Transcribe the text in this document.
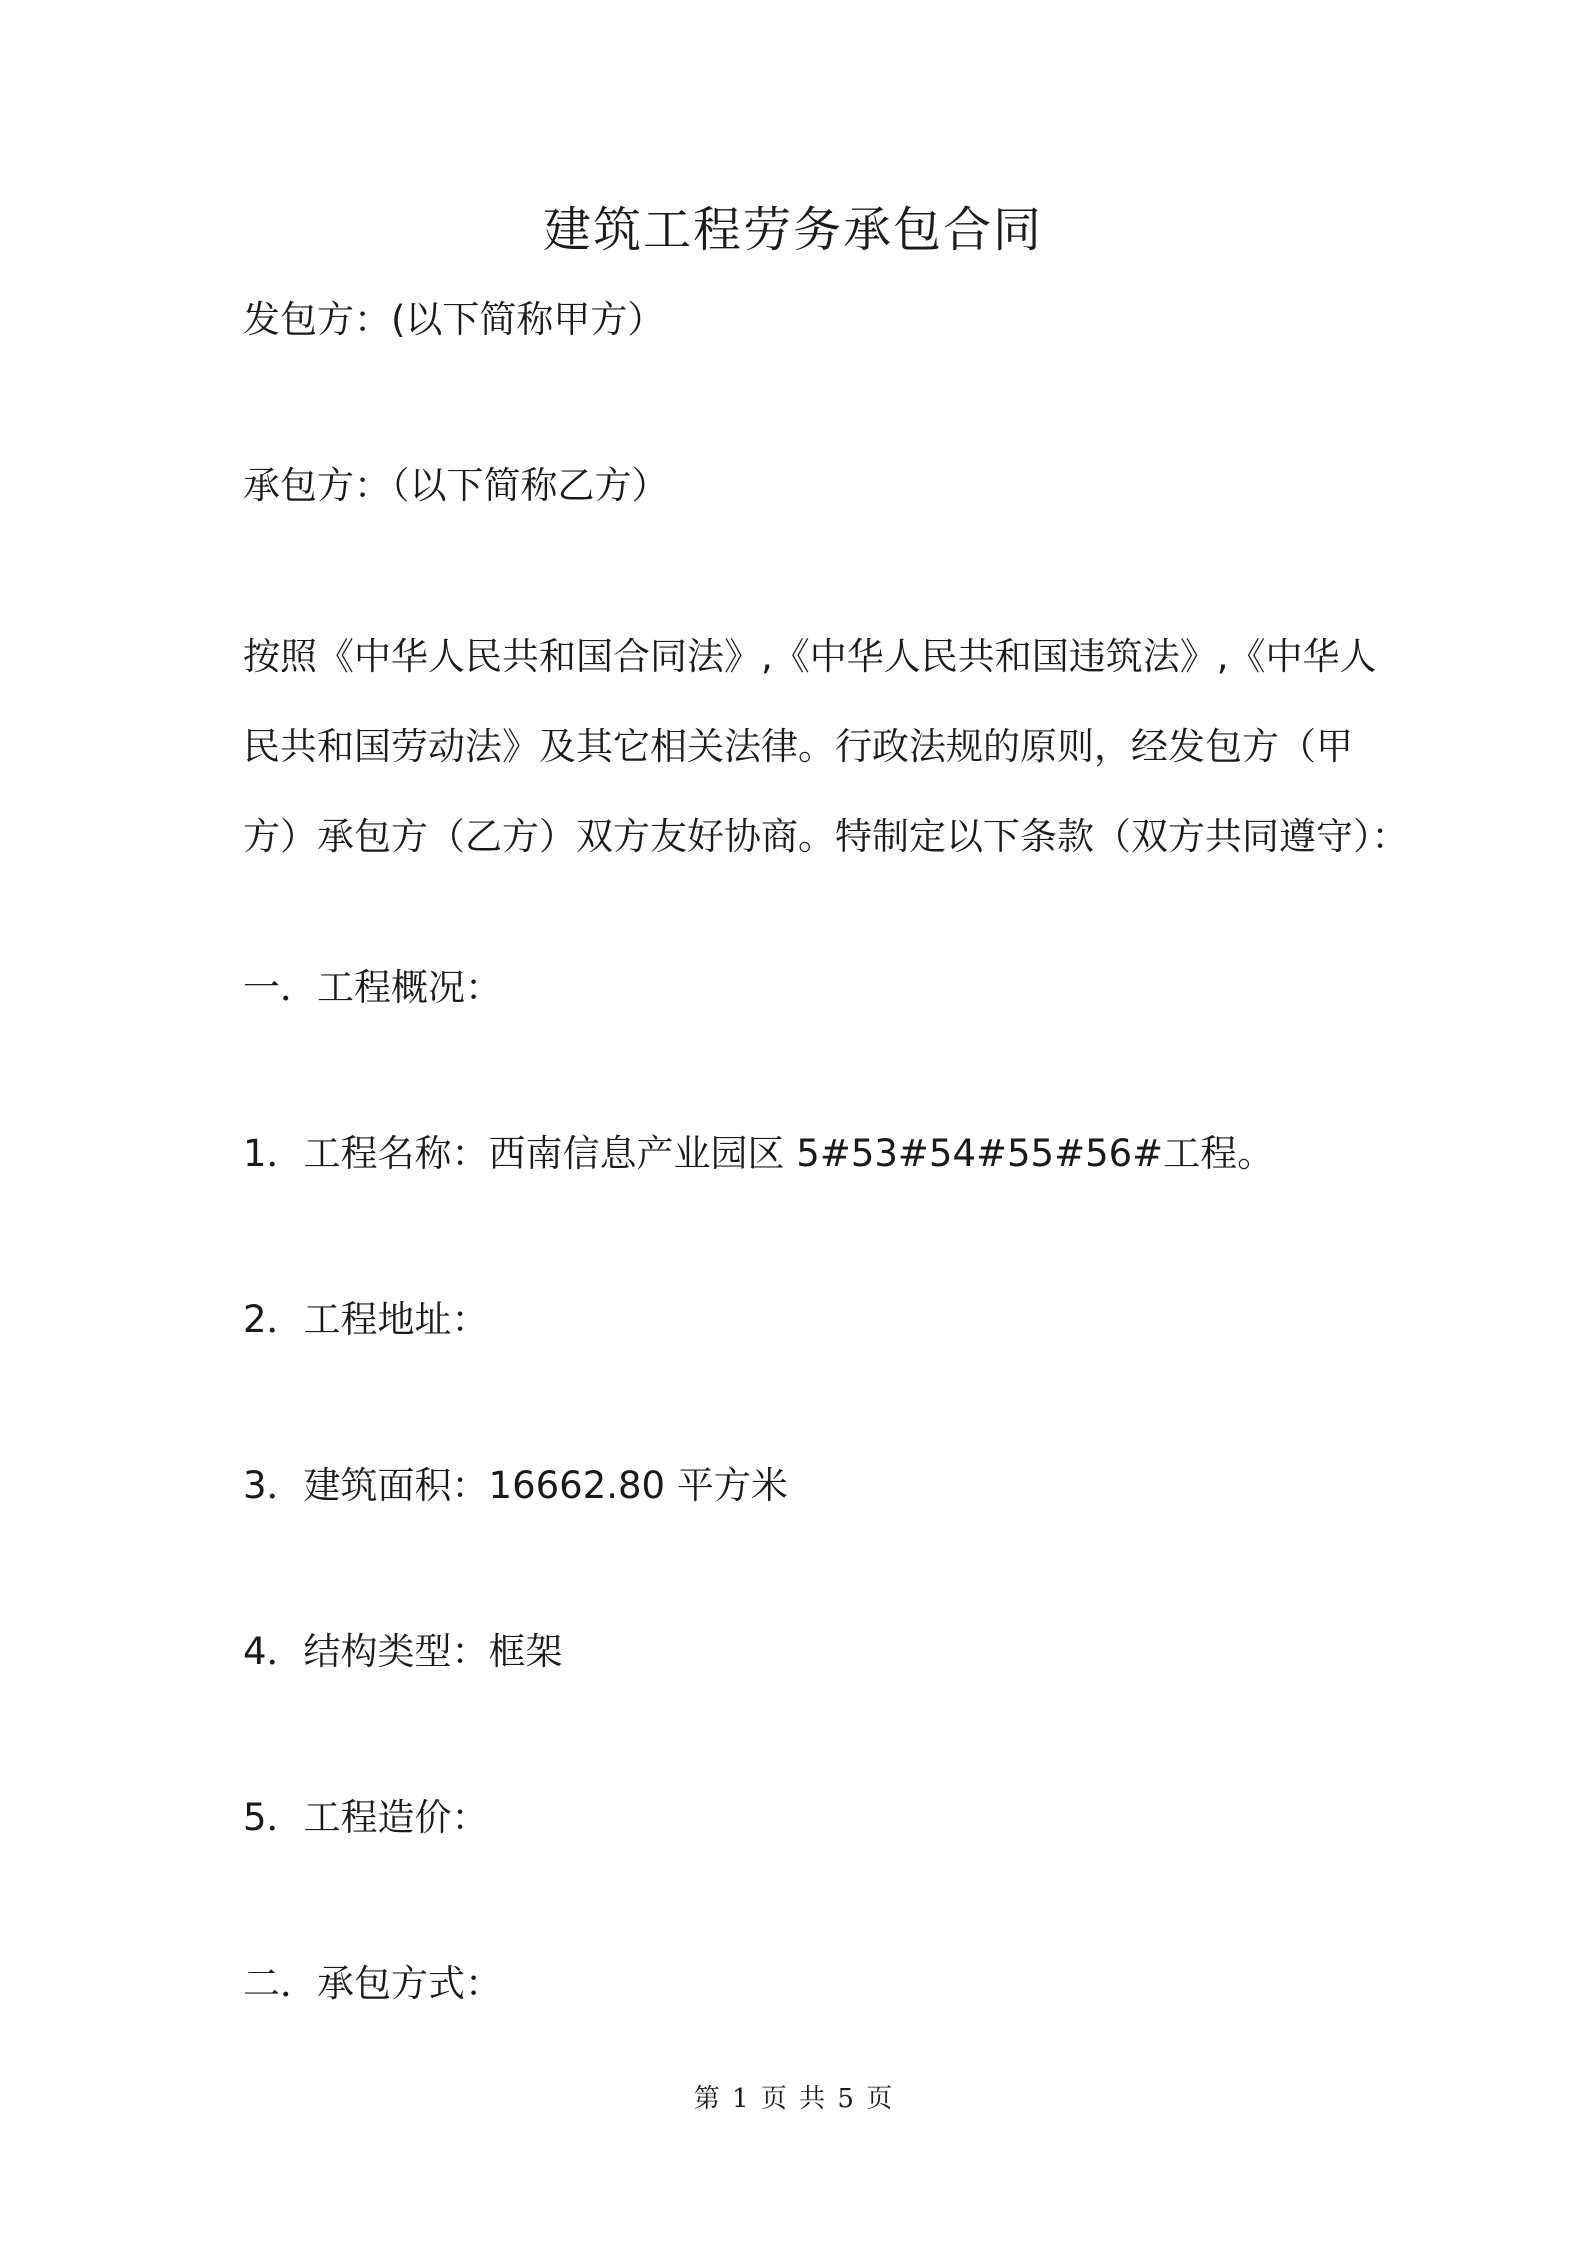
建筑工程劳务承包合同
发包方：(以下简称甲方）
承包方：（以下简称乙方）
按照《中华人民共和国合同法》,《中华人民共和国违筑法》,《中华人
民共和国劳动法》及其它相关法律。行政法规的原则，经发包方（甲
方）承包方（乙方）双方友好协商。特制定以下条款（双方共同遵守）：
一．工程概况：
1．工程名称：西南信息产业园区 5#53#54#55#56#工程。
2．工程地址：
3．建筑面积：16662.80 平方米
4．结构类型：框架
5．工程造价：
二．承包方式：
第 1 页 共 5 页
